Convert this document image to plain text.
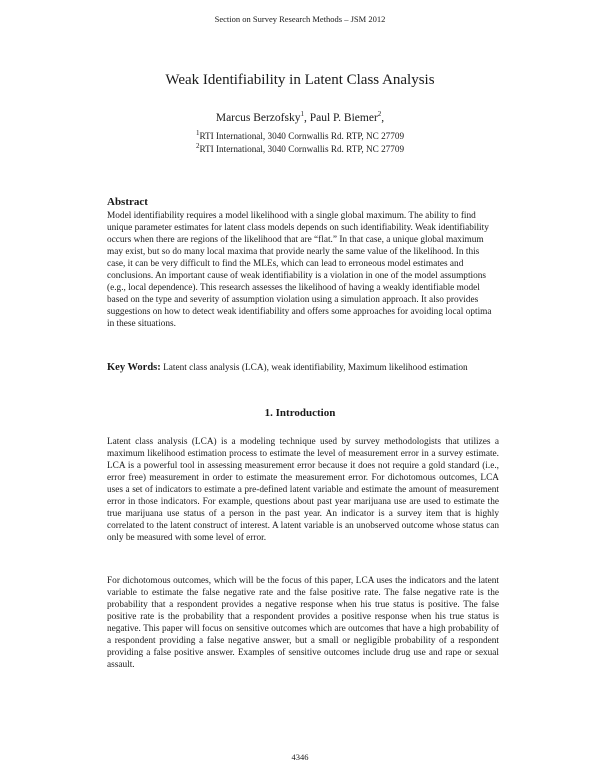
Section on Survey Research Methods – JSM 2012
Weak Identifiability in Latent Class Analysis
Marcus Berzofsky$^1$, Paul P. Biemer$^2$,
$^1$RTI International, 3040 Cornwallis Rd. RTP, NC 27709
$^2$RTI International, 3040 Cornwallis Rd. RTP, NC 27709
Abstract
Model identifiability requires a model likelihood with a single global maximum. The ability to find unique parameter estimates for latent class models depends on such identifiability. Weak identifiability occurs when there are regions of the likelihood that are “flat.” In that case, a unique global maximum may exist, but so do many local maxima that provide nearly the same value of the likelihood. In this case, it can be very difficult to find the MLEs, which can lead to erroneous model estimates and conclusions. An important cause of weak identifiability is a violation in one of the model assumptions (e.g., local dependence). This research assesses the likelihood of having a weakly identifiable model based on the type and severity of assumption violation using a simulation approach. It also provides suggestions on how to detect weak identifiability and offers some approaches for avoiding local optima in these situations.
Key Words: Latent class analysis (LCA), weak identifiability, Maximum likelihood estimation
1. Introduction
Latent class analysis (LCA) is a modeling technique used by survey methodologists that utilizes a maximum likelihood estimation process to estimate the level of measurement error in a survey estimate. LCA is a powerful tool in assessing measurement error because it does not require a gold standard (i.e., error free) measurement in order to estimate the measurement error. For dichotomous outcomes, LCA uses a set of indicators to estimate a pre-defined latent variable and estimate the amount of measurement error in those indicators. For example, questions about past year marijuana use are used to estimate the true marijuana use status of a person in the past year. An indicator is a survey item that is highly correlated to the latent construct of interest. A latent variable is an unobserved outcome whose status can only be measured with some level of error.
For dichotomous outcomes, which will be the focus of this paper, LCA uses the indicators and the latent variable to estimate the false negative rate and the false positive rate. The false negative rate is the probability that a respondent provides a negative response when his true status is positive. The false positive rate is the probability that a respondent provides a positive response when his true status is negative. This paper will focus on sensitive outcomes which are outcomes that have a high probability of a respondent providing a false negative answer, but a small or negligible probability of a respondent providing a false positive answer. Examples of sensitive outcomes include drug use and rape or sexual assault.
4346
